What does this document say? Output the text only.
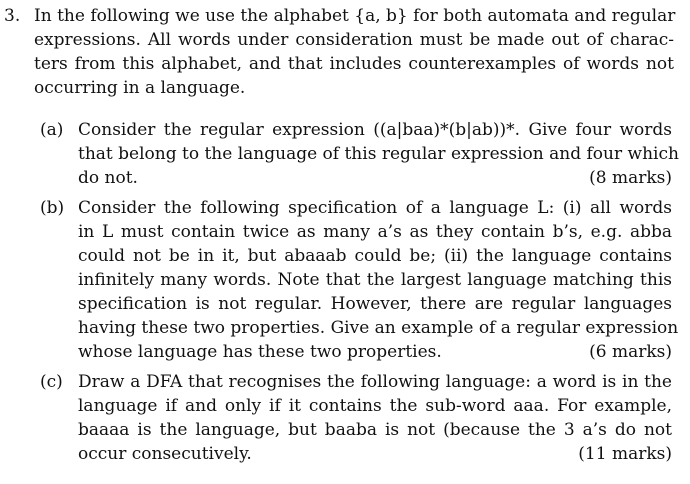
3. In the following we use the alphabet {a, b} for both automata and regular
expressions. All words under consideration must be made out of charac-
ters from this alphabet, and that includes counterexamples of words not
occurring in a language.
(a) Consider the regular expression ((a|baa)*(b|ab))*. Give four words
that belong to the language of this regular expression and four which
do not.	(8 marks)
(b) Consider the following specification of a language L: (i) all words
in L must contain twice as many a’s as they contain b’s, e.g. abba
could not be in it, but abaaab could be; (ii) the language contains
infinitely many words. Note that the largest language matching this
specification is not regular. However, there are regular languages
having these two properties. Give an example of a regular expression
whose language has these two properties.	(6 marks)
(c) Draw a DFA that recognises the following language: a word is in the
language if and only if it contains the sub-word aaa. For example,
baaaa is the language, but baaba is not (because the 3 a’s do not
occur consecutively.	(11 marks)
